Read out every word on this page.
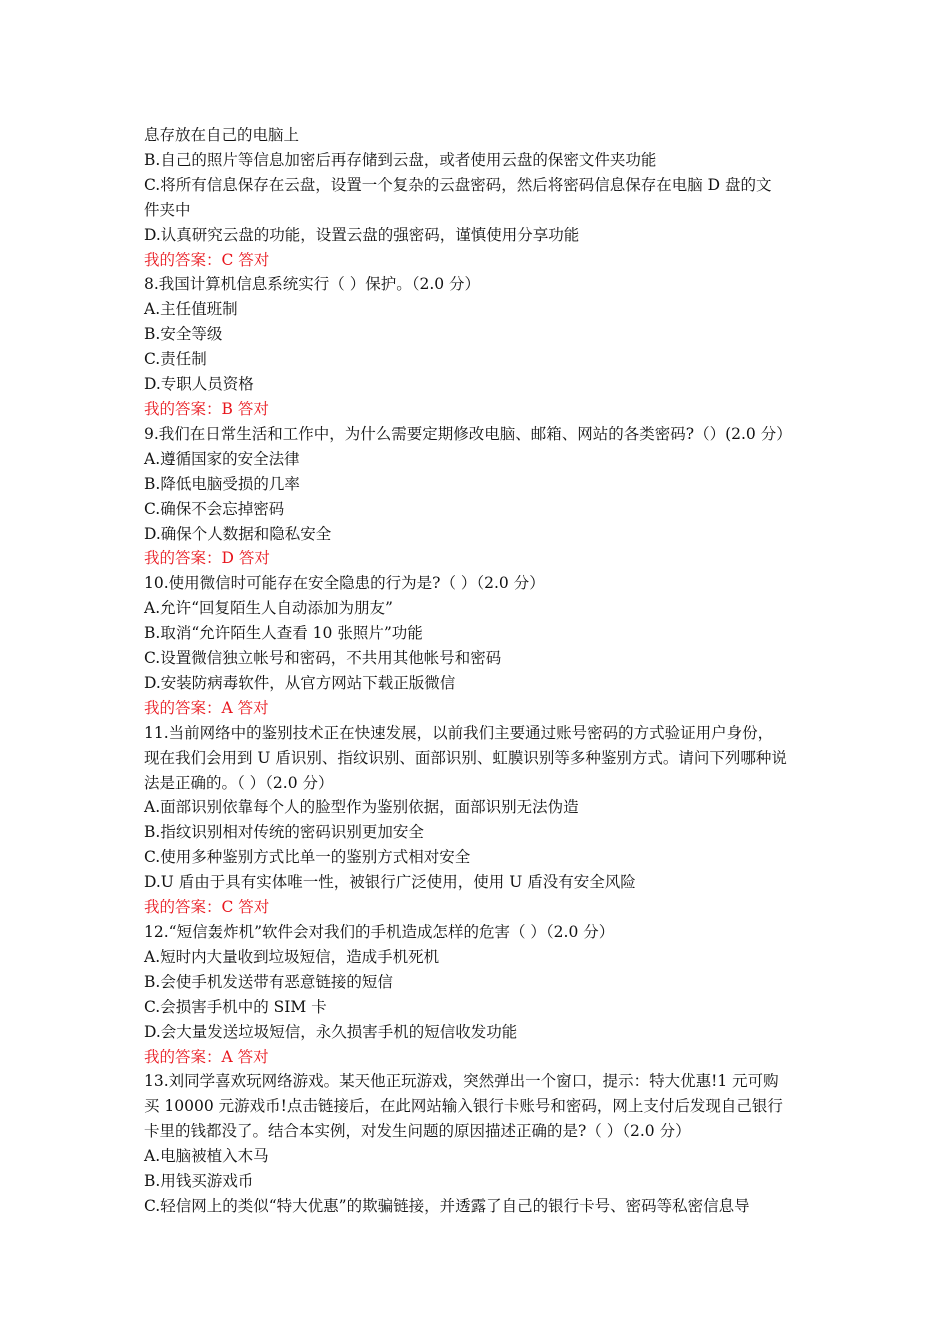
息存放在自己的电脑上

B.自己的照片等信息加密后再存储到云盘，或者使用云盘的保密文件夹功能

C.将所有信息保存在云盘，设置一个复杂的云盘密码，然后将密码信息保存在电脑 D 盘的文

件夹中

D.认真研究云盘的功能，设置云盘的强密码，谨慎使用分享功能

我的答案：C 答对

8.我国计算机信息系统实行（ ）保护。（2.0 分）

A.主任值班制

B.安全等级

C.责任制

D.专职人员资格

我的答案：B 答对

9.我们在日常生活和工作中，为什么需要定期修改电脑、邮箱、网站的各类密码?（）(2.0 分）

A.遵循国家的安全法律

B.降低电脑受损的几率

C.确保不会忘掉密码

D.确保个人数据和隐私安全

我的答案：D 答对

10.使用微信时可能存在安全隐患的行为是?（ ）（2.0 分）

A.允许“回复陌生人自动添加为朋友”

B.取消“允许陌生人查看 10 张照片”功能

C.设置微信独立帐号和密码，不共用其他帐号和密码

D.安装防病毒软件，从官方网站下载正版微信

我的答案：A 答对

11.当前网络中的鉴别技术正在快速发展，以前我们主要通过账号密码的方式验证用户身份，

现在我们会用到 U 盾识别、指纹识别、面部识别、虹膜识别等多种鉴别方式。请问下列哪种说

法是正确的。（ ）（2.0 分）

A.面部识别依靠每个人的脸型作为鉴别依据，面部识别无法伪造

B.指纹识别相对传统的密码识别更加安全

C.使用多种鉴别方式比单一的鉴别方式相对安全

D.U 盾由于具有实体唯一性，被银行广泛使用，使用 U 盾没有安全风险

我的答案：C 答对

12.“短信轰炸机”软件会对我们的手机造成怎样的危害（ ）（2.0 分）

A.短时内大量收到垃圾短信，造成手机死机

B.会使手机发送带有恶意链接的短信

C.会损害手机中的 SIM 卡

D.会大量发送垃圾短信，永久损害手机的短信收发功能

我的答案：A 答对

13.刘同学喜欢玩网络游戏。某天他正玩游戏，突然弹出一个窗口，提示：特大优惠!1 元可购

买 10000 元游戏币!点击链接后，在此网站输入银行卡账号和密码，网上支付后发现自己银行

卡里的钱都没了。结合本实例，对发生问题的原因描述正确的是?（ ）（2.0 分）

A.电脑被植入木马

B.用钱买游戏币

C.轻信网上的类似“特大优惠”的欺骗链接，并透露了自己的银行卡号、密码等私密信息导
